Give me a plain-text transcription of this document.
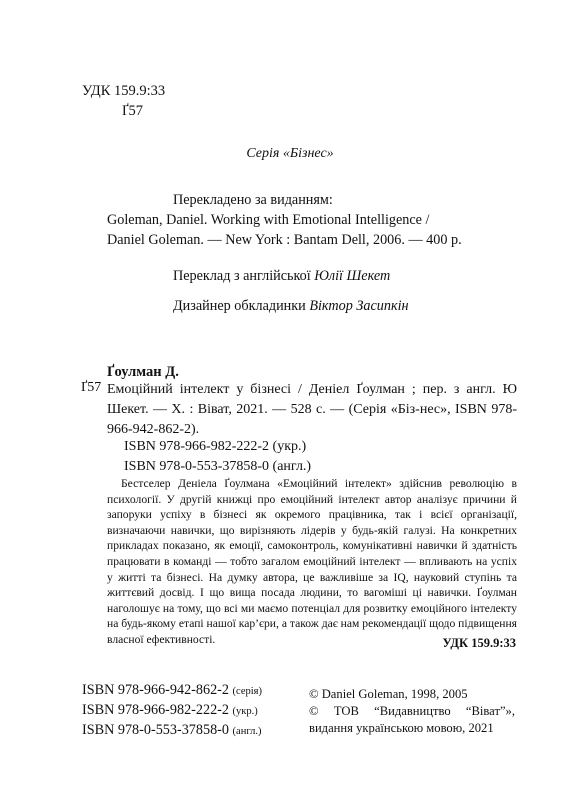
УДК 159.9:33
Ґ57
Серія «Бізнес»
Перекладено за виданням:
Goleman, Daniel. Working with Emotional Intelligence /
Daniel Goleman. — New York : Bantam Dell, 2006. — 400 p.
Переклад з англійської Юлії Шекет
Дизайнер обкладинки Віктор Засипкін
Ґоулман Д.
Ґ57 Емоційний інтелект у бізнесі / Деніел Ґоулман ; пер. з англ. Ю Шекет. — Х. : Віват, 2021. — 528 с. — (Серія «Біз-нес», ISBN 978-966-942-862-2).
ISBN 978-966-982-222-2 (укр.)
ISBN 978-0-553-37858-0 (англ.)
Бестселер Деніела Ґоулмана «Емоційний інтелект» здійснив революцію в психології. У другій книжці про емоційний інтелект автор аналізує причини й запоруки успіху в бізнесі як окремого працівника, так і всієї організації, визначаючи навички, що вирізняють лідерів у будь-якій галузі. На конкретних прикладах показано, як емоції, самоконтроль, комунікативні навички й здатність працювати в команді — тобто загалом емоційний інтелект — впливають на успіх у житті та бізнесі. На думку автора, це важливіше за IQ, науковий ступінь та життєвий досвід. І що вища посада людини, то вагоміші ці навички. Ґоулман наголошує на тому, що всі ми маємо потенціал для розвитку емоційного інтелекту на будь-якому етапі нашої кар’єри, а також дає нам рекомендації щодо підвищення власної ефективності.	УДК 159.9:33
ISBN 978-966-942-862-2 (серія)
ISBN 978-966-982-222-2 (укр.)
ISBN 978-0-553-37858-0 (англ.)
© Daniel Goleman, 1998, 2005
© ТОВ “Видавництво “Віват”», видання українською мовою, 2021
